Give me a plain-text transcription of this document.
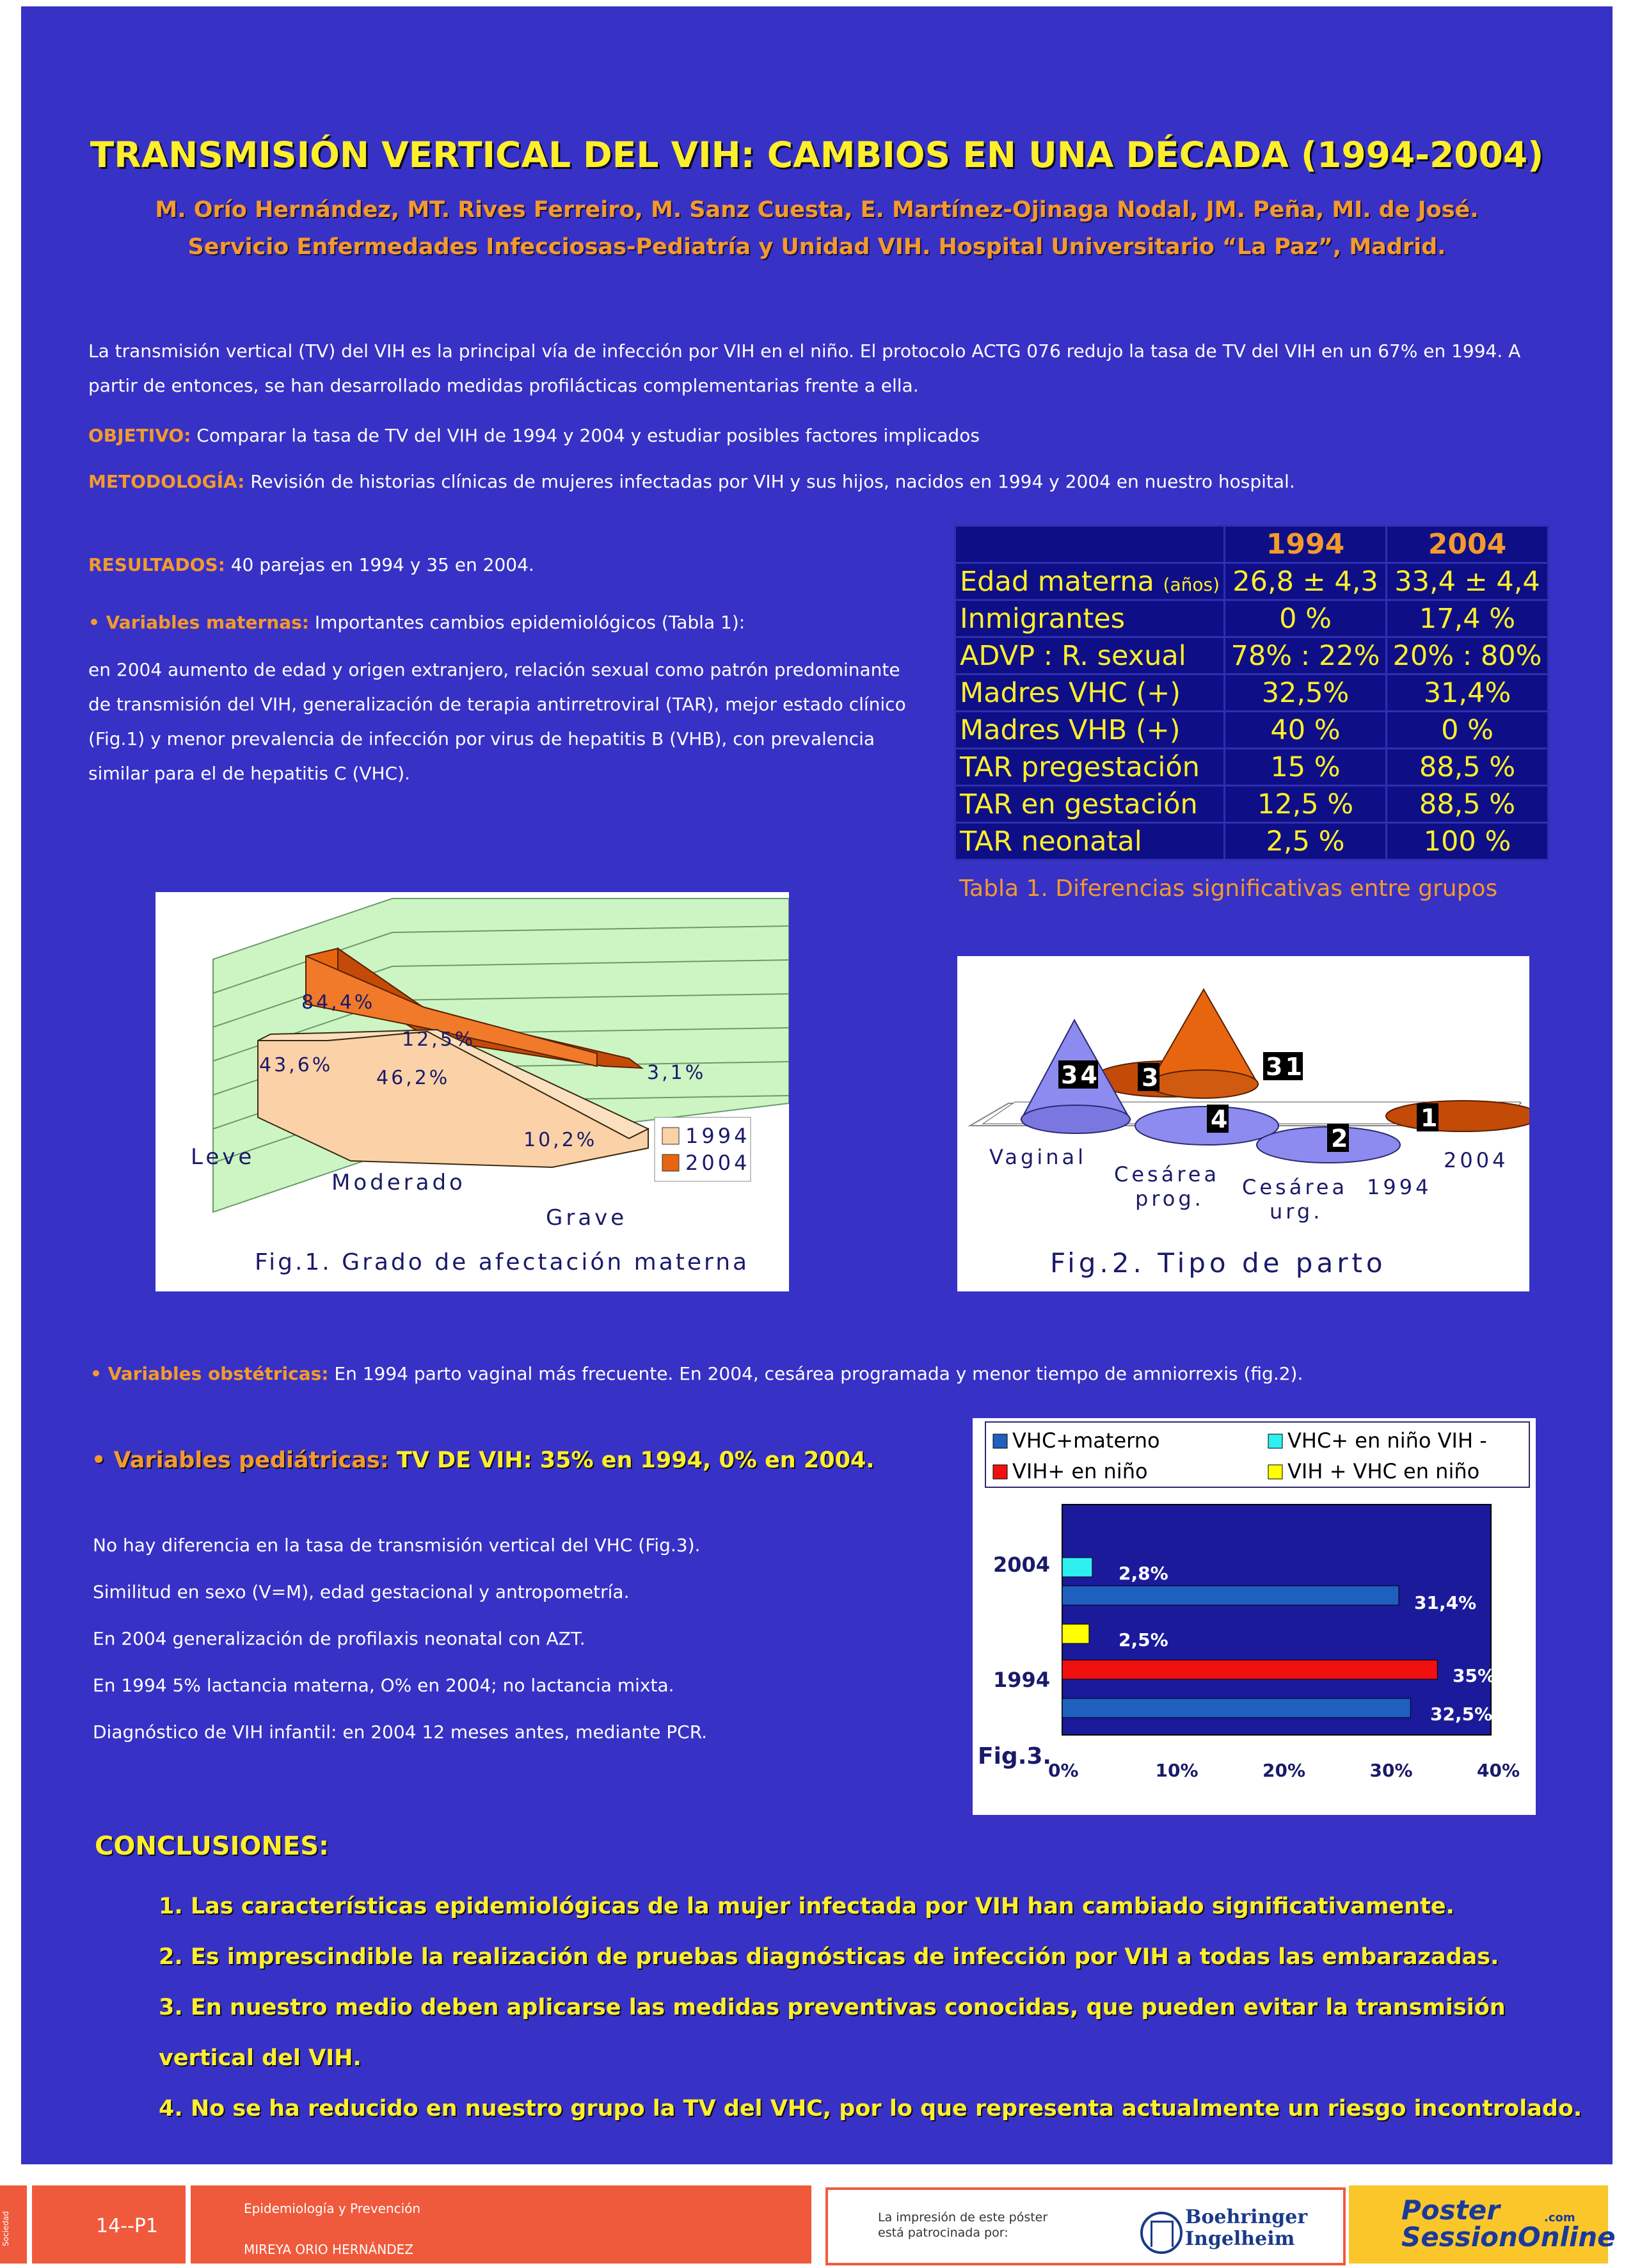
TRANSMISIÓN VERTICAL DEL VIH: CAMBIOS EN UNA DÉCADA (1994-2004)
M. Orío Hernández, MT. Rives Ferreiro, M. Sanz Cuesta, E. Martínez-Ojinaga Nodal, JM. Peña, MI. de José.
Servicio Enfermedades Infecciosas-Pediatría y Unidad VIH. Hospital Universitario “La Paz”, Madrid.
La transmisión vertical (TV) del VIH es la principal vía de infección por VIH en el niño. El protocolo ACTG 076 redujo la tasa de TV del VIH en un 67% en 1994. A
partir de entonces, se han desarrollado medidas profilácticas complementarias frente a ella.
OBJETIVO: Comparar la tasa de TV del VIH de 1994 y 2004 y estudiar posibles factores implicados
METODOLOGÍA: Revisión de historias clínicas de mujeres infectadas por VIH y sus hijos, nacidos en 1994 y 2004 en nuestro hospital.
RESULTADOS: 40 parejas en 1994 y 35 en 2004.
• Variables maternas: Importantes cambios epidemiológicos (Tabla 1):
en 2004 aumento de edad y origen extranjero, relación sexual como patrón predominante
de transmisión del VIH, generalización de terapia antirretroviral (TAR), mejor estado clínico
(Fig.1) y menor prevalencia de infección por virus de hepatitis B (VHB), con prevalencia
similar para el de hepatitis C (VHC).
	1994	2004
Edad materna (años)	26,8 ± 4,3	33,4 ± 4,4
Inmigrantes	0 %	17,4 %
ADVP : R. sexual	78% : 22%	20% : 80%
Madres VHC (+)	32,5%	31,4%
Madres VHB (+)	40 %	0 %
TAR pregestación	15 %	88,5 %
TAR en gestación	12,5 %	88,5 %
TAR neonatal	2,5 %	100 %
Tabla 1. Diferencias significativas entre grupos
84,4%
12,5%
3,1%
43,6%
46,2%
10,2%
Leve
Moderado
Grave
1994
2004
Fig.1. Grado de afectación materna
34 3	31
4
2
1
Vaginal
Cesárea
prog. Cesárea
urg.
1994
2004
Fig.2. Tipo de parto
• Variables obstétricas: En 1994 parto vaginal más frecuente. En 2004, cesárea programada y menor tiempo de amniorrexis (fig.2).
• Variables pediátricas: TV DE VIH: 35% en 1994, 0% en 2004.
No hay diferencia en la tasa de transmisión vertical del VHC (Fig.3).
Similitud en sexo (V=M), edad gestacional y antropometría.
En 2004 generalización de profilaxis neonatal con AZT.
En 1994 5% lactancia materna, O% en 2004; no lactancia mixta.
Diagnóstico de VIH infantil: en 2004 12 meses antes, mediante PCR.
VHC+materno	VHC+ en niño VIH -
VIH+ en niño	VIH + VHC en niño
0%	10%	20%	30%	40%
2004
1994
Fig.3.
2,8%
31,4%
2,5%
35%
32,5%
CONCLUSIONES:
1. Las características epidemiológicas de la mujer infectada por VIH han cambiado significativamente.
2. Es imprescindible la realización de pruebas diagnósticas de infección por VIH a todas las embarazadas.
3. En nuestro medio deben aplicarse las medidas preventivas conocidas, que pueden evitar la transmisión vertical del VIH.
4. No se ha reducido en nuestro grupo la TV del VHC, por lo que representa actualmente un riesgo incontrolado.
Sociedad	14--P1
Epidemiología y Prevención
MIREYA ORIO HERNÁNDEZ
La impresión de este póster
está patrocinada por:
Boehringer
Ingelheim
Poster
SessionOnline
.com
